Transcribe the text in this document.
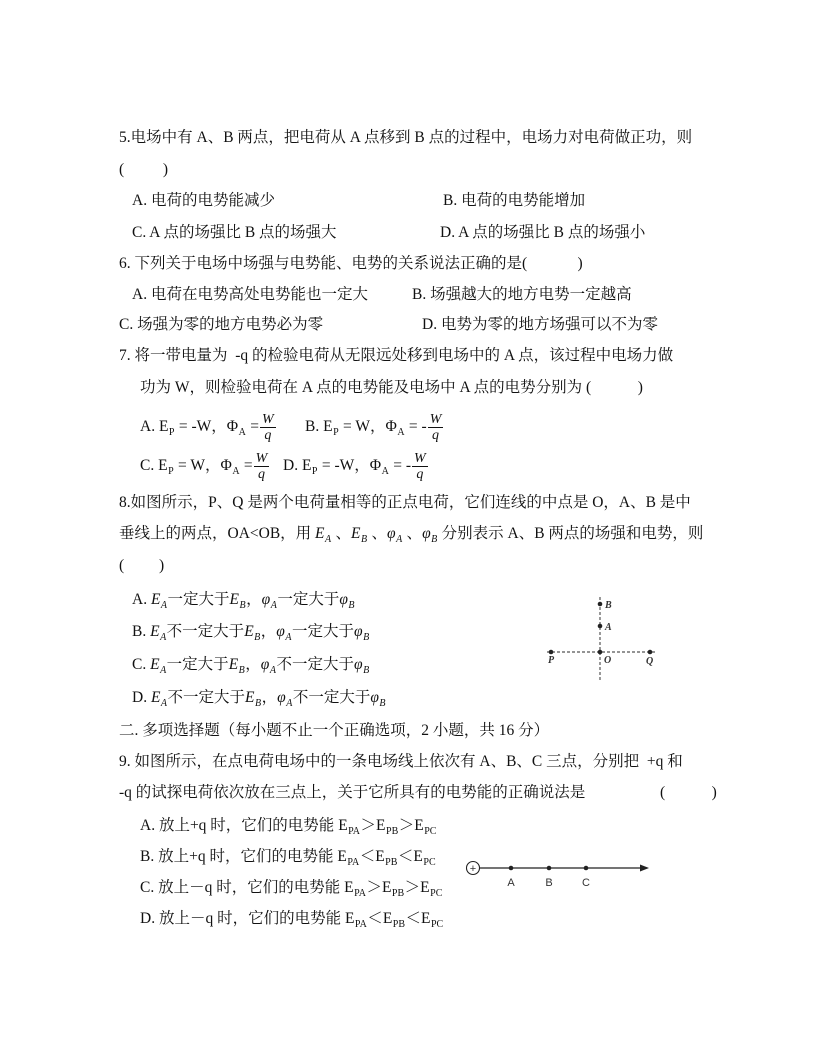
5.电场中有 A、B 两点，把电荷从 A 点移到 B 点的过程中，电场力对电荷做正功，则
(          )
A. 电荷的电势能减少	B. 电荷的电势能增加
C. A 点的场强比 B 点的场强大	D. A 点的场强比 B 点的场强小
6. 下列关于电场中场强与电势能、电势的关系说法正确的是(             )
A. 电荷在电势高处电势能也一定大	B. 场强越大的地方电势一定越高
C. 场强为零的地方电势必为零	D. 电势为零的地方场强可以不为零
7. 将一带电量为  -q 的检验电荷从无限远处移到电场中的 A 点，该过程中电场力做
功为 W，则检验电荷在 A 点的电势能及电场中 A 点的电势分别为 (            )
A. $E_P = -W$，$\Phi_A = \frac{W}{q} B$. $E_P = W$，$\Phi_A$ = - $\frac{W}{q}$
C. $E_P = W$，$\Phi_A = \frac{W}{q} D$. $E_P = -W$，$\Phi_A$ = - $\frac{W}{q}$
8.如图所示，P、Q 是两个电荷量相等的正点电荷，它们连线的中点是 O，A、B 是中
垂线上的两点，OA<OB，用 $E_A$ 、$E_B$ 、$\varphi_A$ 、$\varphi_B$ 分别表示 A、B 两点的场强和电势，则
(         )
A. $E_A$一定大于$E_B$，$\varphi_A$一定大于$\varphi_B$
B. $E_A$不一定大于$E_B$，$\varphi_A$一定大于$\varphi_B$
C. $E_A$一定大于$E_B$，$\varphi_A$不一定大于$\varphi_B$
D. $E_A$不一定大于$E_B$，$\varphi_A$不一定大于$\varphi_B$
B
A
O
P	Q
二. 多项选择题（每小题不止一个正确选项，2 小题，共 16 分）
9. 如图所示，在点电荷电场中的一条电场线上依次有 A、B、C 三点，分别把  +q 和
-q 的试探电荷依次放在三点上，关于它所具有的电势能的正确说法是	(            )
A. 放上+q 时，它们的电势能 $E_{PA}>E_{PB}>E_{PC}$
B. 放上+q 时，它们的电势能 $E_{PA}<E_{PB}<E_{PC}$
C. 放上－q 时，它们的电势能 $E_{PA}>E_{PB}>E_{PC}$
D. 放上－q 时，它们的电势能 $E_{PA}<E_{PB}<E_{PC}$
+
A	B	C
